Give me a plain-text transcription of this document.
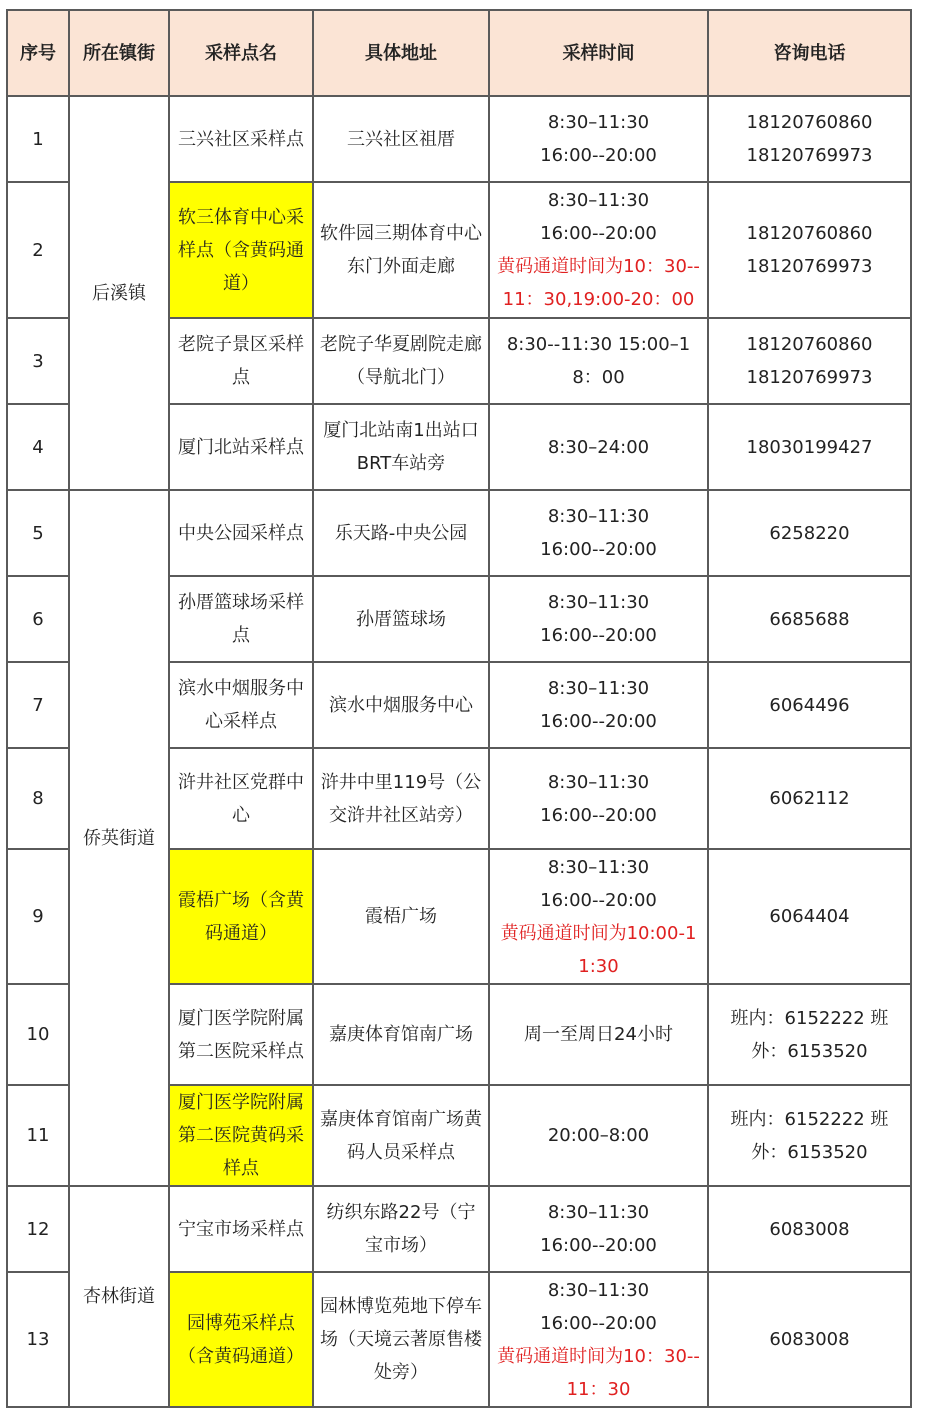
序号	所在镇街	采样点名	具体地址	采样时间	咨询电话
1	后溪镇	三兴社区采样点	三兴社区祖厝	8:30–11:30
16:00--20:00	18120760860
18120769973

2		软三体育中心采样点（含黄码通道）	软件园三期体育中心东门外面走廊	8:30–11:30
16:00--20:00
黄码通道时间为10：30--11：30,19:00-20：00	18120760860
18120769973

3		老院子景区采样点	老院子华夏剧院走廊（导航北门）	8:30--11:30 15:00–18：00	18120760860
18120769973

4		厦门北站采样点	厦门北站南1出站口BRT车站旁	8:30–24:00	18030199427

5	侨英街道	中央公园采样点	乐天路-中央公园	8:30–11:30
16:00--20:00	6258220

6		孙厝篮球场采样点	孙厝篮球场	8:30–11:30
16:00--20:00	6685688

7		滨水中烟服务中心采样点	滨水中烟服务中心	8:30–11:30
16:00--20:00	6064496

8		浒井社区党群中心	浒井中里119号（公交浒井社区站旁）	8:30–11:30
16:00--20:00	6062112

9		霞梧广场（含黄码通道）	霞梧广场	8:30–11:30
16:00--20:00
黄码通道时间为10:00-11:30	6064404

10		厦门医学院附属第二医院采样点	嘉庚体育馆南广场	周一至周日24小时	班内：6152222 班外：6153520

11		厦门医学院附属第二医院黄码采样点	嘉庚体育馆南广场黄码人员采样点	20:00–8:00	班内：6152222 班外：6153520

12	杏林街道	宁宝市场采样点	纺织东路22号（宁宝市场）	8:30–11:30
16:00--20:00	6083008

13		园博苑采样点（含黄码通道）	园林博览苑地下停车场（天境云著原售楼处旁）	8:30–11:30
16:00--20:00
黄码通道时间为10：30--11：30	6083008
